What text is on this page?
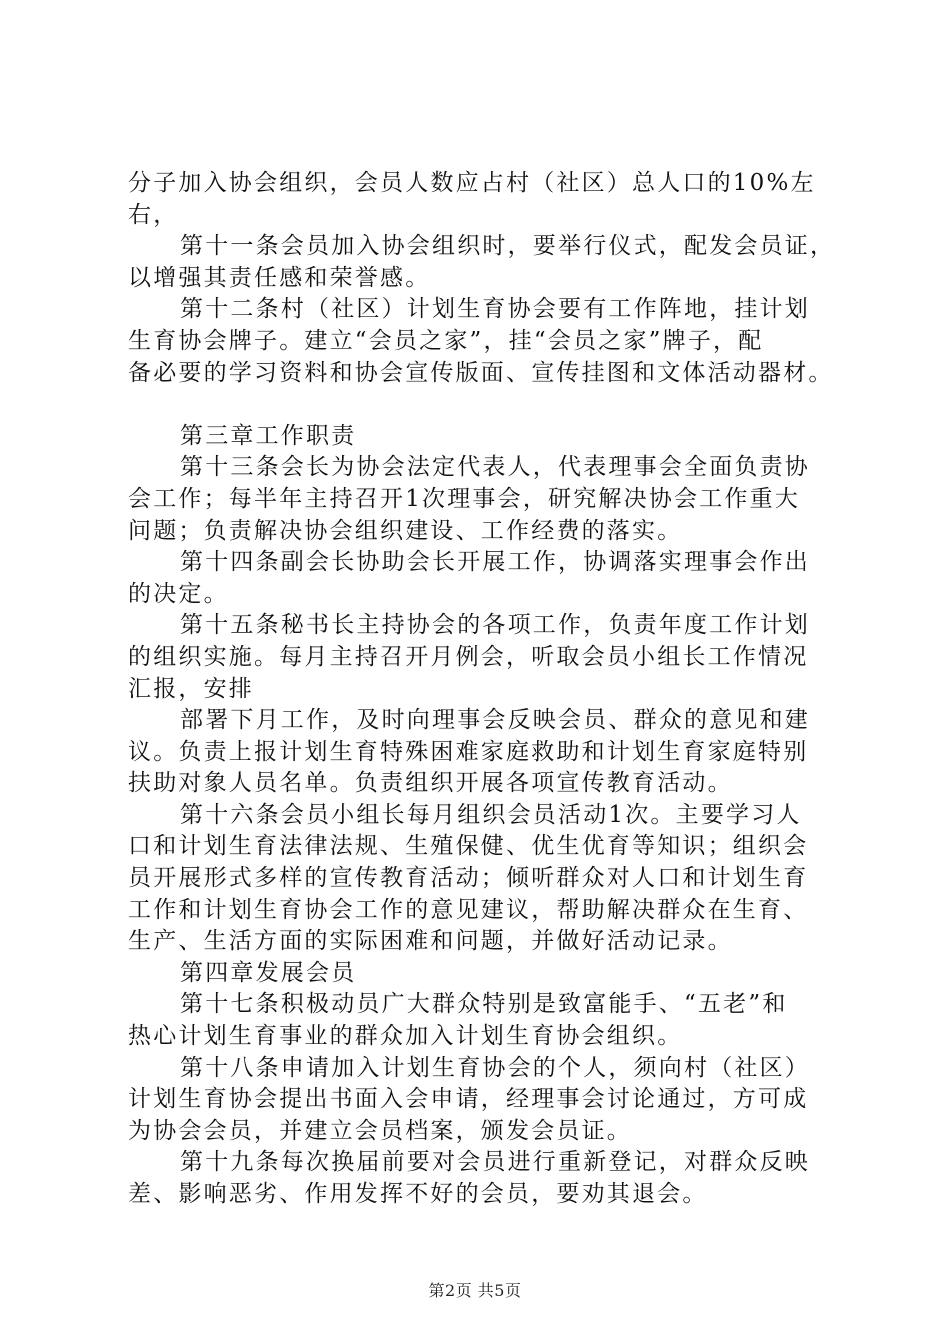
分子加入协会组织，会员人数应占村（社区）总人口的10%左
右，
第十一条会员加入协会组织时，要举行仪式，配发会员证，
以增强其责任感和荣誉感。
第十二条村（社区）计划生育协会要有工作阵地，挂计划
生育协会牌子。建立“会员之家”，挂“会员之家”牌子，配
备必要的学习资料和协会宣传版面、宣传挂图和文体活动器材。
第三章工作职责
第十三条会长为协会法定代表人，代表理事会全面负责协
会工作；每半年主持召开1次理事会，研究解决协会工作重大
问题；负责解决协会组织建设、工作经费的落实。
第十四条副会长协助会长开展工作，协调落实理事会作出
的决定。
第十五条秘书长主持协会的各项工作，负责年度工作计划
的组织实施。每月主持召开月例会，听取会员小组长工作情况
汇报，安排
部署下月工作，及时向理事会反映会员、群众的意见和建
议。负责上报计划生育特殊困难家庭救助和计划生育家庭特别
扶助对象人员名单。负责组织开展各项宣传教育活动。
第十六条会员小组长每月组织会员活动1次。主要学习人
口和计划生育法律法规、生殖保健、优生优育等知识；组织会
员开展形式多样的宣传教育活动；倾听群众对人口和计划生育
工作和计划生育协会工作的意见建议，帮助解决群众在生育、
生产、生活方面的实际困难和问题，并做好活动记录。
第四章发展会员
第十七条积极动员广大群众特别是致富能手、“五老”和
热心计划生育事业的群众加入计划生育协会组织。
第十八条申请加入计划生育协会的个人，须向村（社区）
计划生育协会提出书面入会申请，经理事会讨论通过，方可成
为协会会员，并建立会员档案，颁发会员证。
第十九条每次换届前要对会员进行重新登记，对群众反映
差、影响恶劣、作用发挥不好的会员，要劝其退会。
第2页 共5页
